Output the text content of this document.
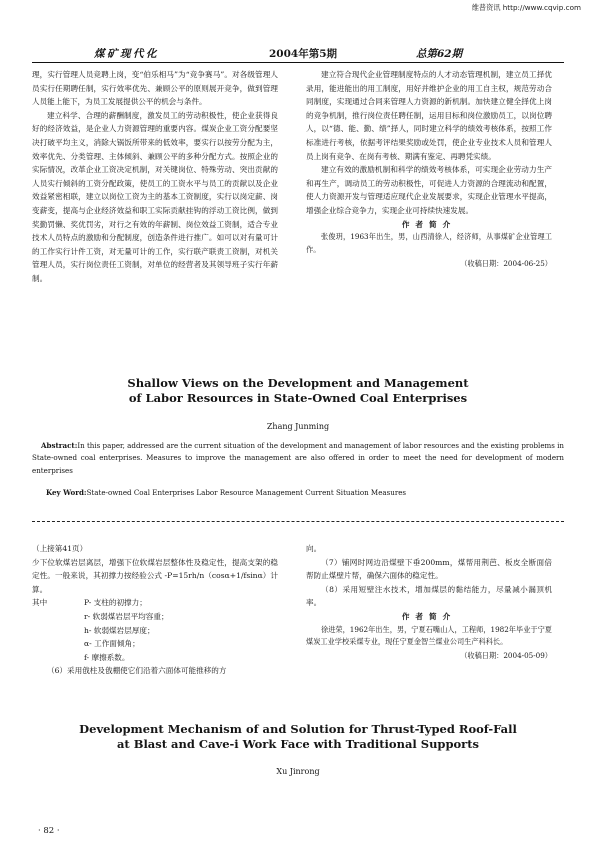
维普资讯 http://www.cqvip.com
煤矿现代化	2004年第5期	总第62期

理，实行管理人员竞聘上岗，变“伯乐相马”为“竞争赛马”。对各级管理人员实行任期聘任制，实行效率优先、兼顾公平的原则展开竞争，做到管理人员能上能下，为员工发展提供公平的机会与条件。

建立科学、合理的薪酬制度，激发员工的劳动积极性，使企业获得良好的经济效益，是企业人力资源管理的重要内容。煤炭企业工资分配要坚决打破平均主义，消除大锅饭所带来的低效率，要实行以按劳分配为主，效率优先、分类管理、主体倾斜、兼顾公平的多种分配方式。按照企业的实际情况，改革企业工资决定机制，对关键岗位、特殊劳动、突出贡献的人员实行倾斜的工资分配政策，使员工的工资水平与员工的贡献以及企业效益紧密相联，建立以岗位工资为主的基本工资制度，实行以岗定薪、岗变薪变，提高与企业经济效益和职工实际贡献挂钩的浮动工资比例，做到奖勤罚懒、奖优罚劣，对行之有效的年薪制、岗位效益工资制，适合专业技术人员特点的激励和分配制度，创造条件进行推广。如可以对有量可计的工作实行计件工资，对无量可计的工作，实行联产联责工资制，对机关管理人员，实行岗位责任工资制，对单位的经营者及其领导班子实行年薪制。

建立符合现代企业管理制度特点的人才动态管理机制，建立员工择优录用，能进能出的用工制度，用好并维护企业的用工自主权，规范劳动合同制度，实现通过合同来管理人力资源的新机制。加快建立健全择优上岗的竞争机制，推行岗位责任聘任制，运用目标和岗位激励员工，以岗位聘人，以“德、能、勤、绩”择人，同时建立科学的绩效考核体系，按照工作标准进行考核，依据考评结果奖励或处罚，使企业专业技术人员和管理人员上岗有竞争、在岗有考核、期满有鉴定、再聘凭实绩。

建立有效的激励机制和科学的绩效考核体系，可实现企业劳动力生产和再生产，调动员工的劳动积极性，可促进人力资源的合理流动和配置，使人力资源开发与管理适应现代企业发展要求，实现企业管理水平提高，增强企业综合竞争力，实现企业可持续快速发展。

作者简介

张俊玥，1963年出生，男，山西清徐人，经济师，从事煤矿企业管理工作。

（收稿日期：2004-06-25）

Shallow Views on the Development and Management
of Labor Resources in State-Owned Coal Enterprises
Zhang Junming
Abstract:In this paper, addressed are the current situation of the development and management of labor resources and the existing problems in State-owned coal enterprises. Measures to improve the management are also offered in order to meet the need for development of modern enterprises
Key Word:State-owned Coal Enterprises Labor Resource Management Current Situation Measures

（上接第41页）

少下位软煤岩层离层，增强下位软煤岩层整体性及稳定性，提高支架的稳定性。一般来说，其初撑力按经验公式 -P=15rh/n（cosα+1/fsinα）计算。

其中	P- 支柱的初撑力；
r- 软弱煤岩层平均容重；
h- 软弱煤岩层厚度；
α- 工作面倾角；
f- 摩擦系数。

（6）采用戗柱及戗棚使它们沿着六面体可能推移的方

向。

（7）铺网时网边沿煤壁下垂200mm，煤帮用荆芭、板皮全断面倍帮防止煤壁片帮，确保六面体的稳定性。

（8）采用短壁注水技术，增加煤层的黏结能力，尽量减小漏顶机率。

作者简介

徐进荣，1962年出生，男，宁夏石嘴山人，工程师，1982年毕业于宁夏煤炭工业学校采煤专业，现任宁夏金智兰煤业公司生产科科长。

（收稿日期：2004-05-09）

Development Mechanism of and Solution for Thrust-Typed Roof-Fall
at Blast and Cave-i Work Face with Traditional Supports
Xu Jinrong
· 82 ·
